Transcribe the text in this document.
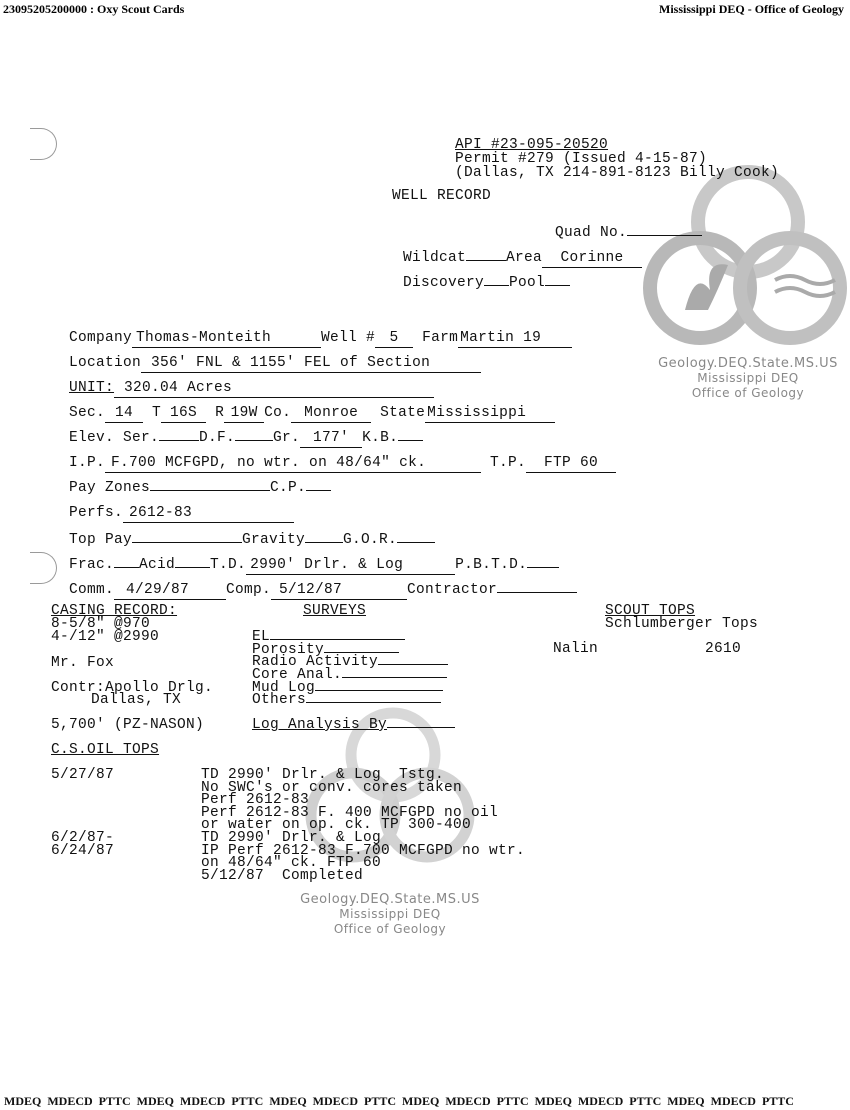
23095205200000 : Oxy Scout Cards	Mississippi DEQ - Office of Geology
Geology.DEQ.State.MS.US
Mississippi DEQ
Office of Geology
Geology.DEQ.State.MS.US
Mississippi DEQ
Office of Geology
API #23-095-20520
Permit #279 (Issued 4-15-87)
(Dallas, TX 214-891-8123 Billy Cook)
WELL RECORD
Quad No.
Wildcat	Area Corinne
Discovery Pool

Company Thomas-Monteith	Well # 5 Farm Martin 19

Location 356' FNL & 1155' FEL of Section

UNIT: 320.04 Acres

Sec. 14 T 16S R 19W Co. Monroe State Mississippi

Elev. Ser.	D.F.	Gr. 177' K.B.

I.P. F.700 MCFGPD, no wtr. on 48/64" ck.	T.P. FTP 60

Pay Zones	C.P.

Perfs. 2612-83

Top Pay	Gravity	G.O.R.

Frac. Acid T.D. 2990' Drlr. & Log	P.B.T.D.

Comm. 4/29/87	Comp. 5/12/87	Contractor

CASING RECORD:
8-5/8" @970
4-/12" @2990
Mr. Fox
Contr:Apollo Drlg.
Dallas, TX
5,700' (PZ-NASON)
C.S.OIL TOPS
SURVEYS
EL
Porosity
Radio Activity
Core Anal.
Mud Log
Others
Log Analysis By
SCOUT TOPS
Schlumberger Tops
Nalin	2610
5/27/87	TD 2990' Drlr. & Log  Tstg.
No SWC's or conv. cores taken
Perf 2612-83
Perf 2612-83 F. 400 MCFGPD no oil
or water on op. ck. TP 300-400
6/2/87-	TD 2990' Drlr. & Log
6/24/87	IP Perf 2612-83 F.700 MCFGPD no wtr.
on 48/64" ck. FTP 60
5/12/87  Completed
MDEQ  MDECD  PTTC  MDEQ  MDECD  PTTC  MDEQ  MDECD  PTTC  MDEQ  MDECD  PTTC  MDEQ  MDECD  PTTC  MDEQ  MDECD  PTTC
